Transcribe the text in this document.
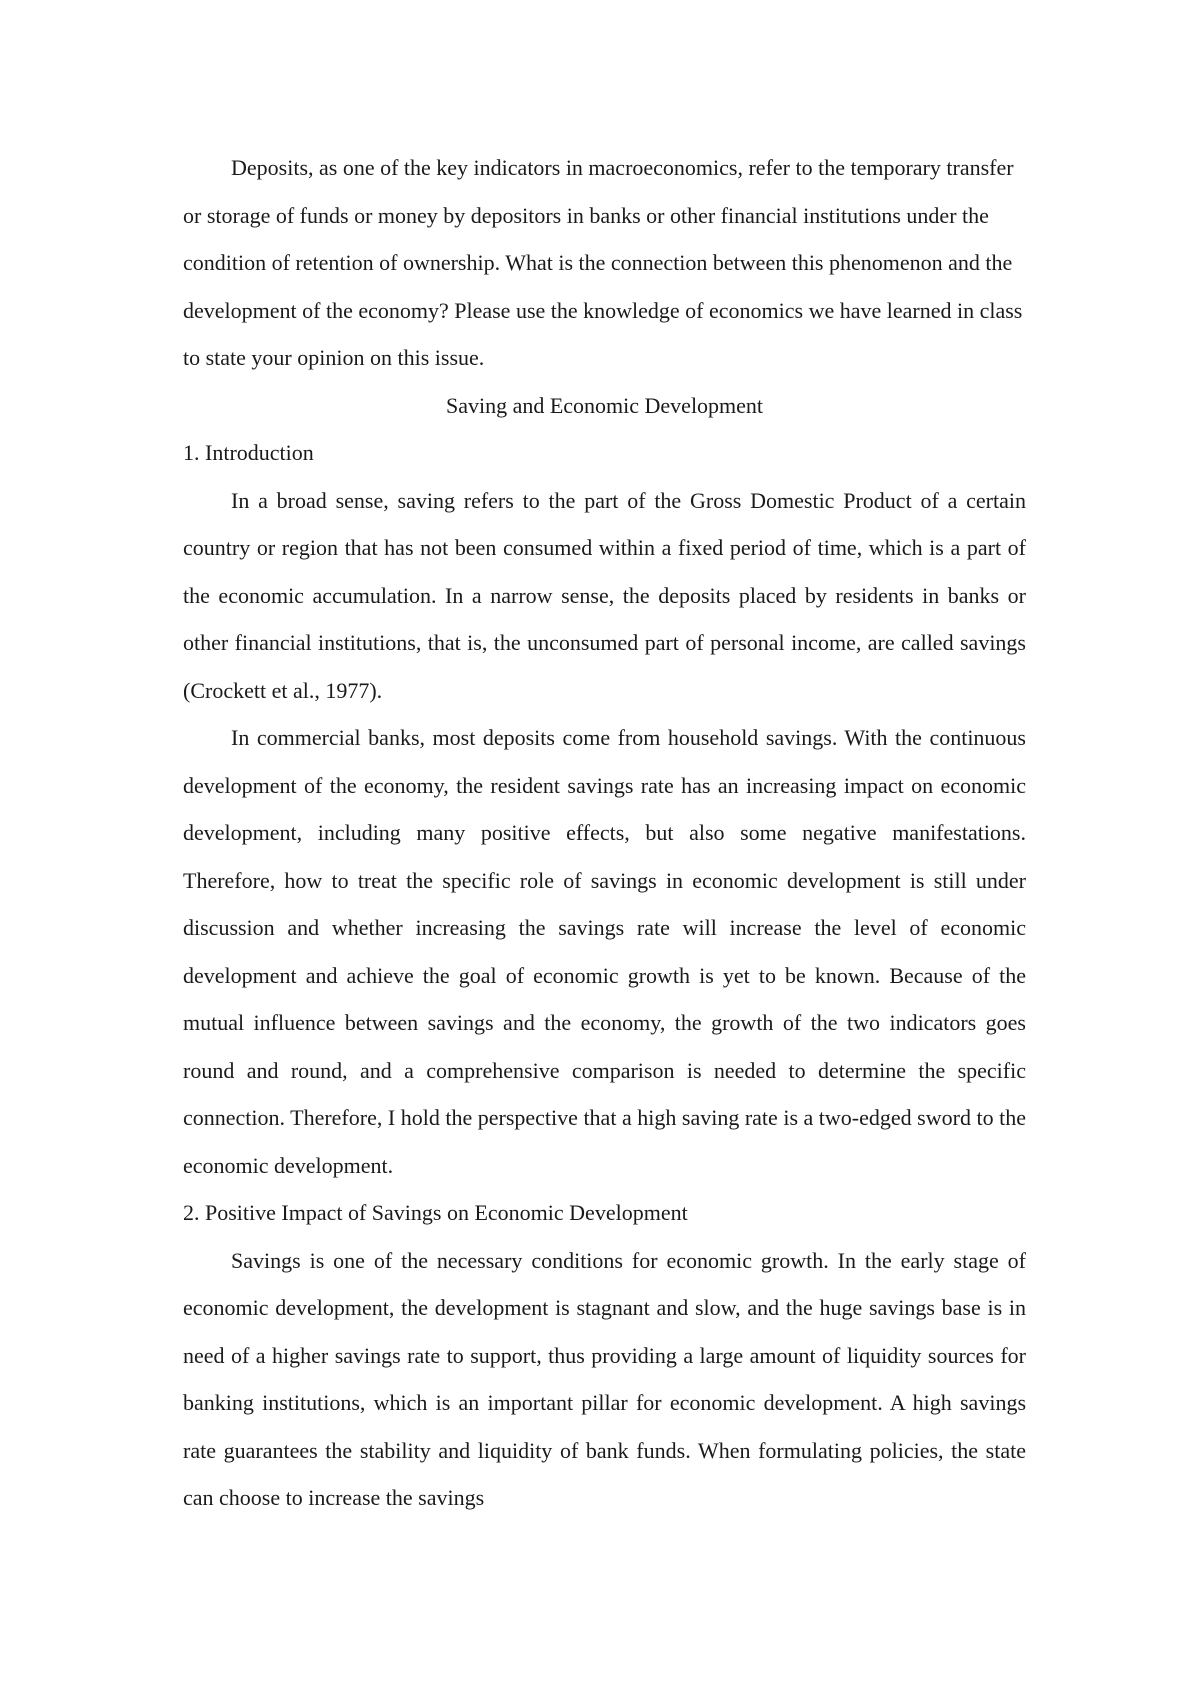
Deposits, as one of the key indicators in macroeconomics, refer to the temporary transfer or storage of funds or money by depositors in banks or other financial institutions under the condition of retention of ownership. What is the connection between this phenomenon and the development of the economy? Please use the knowledge of economics we have learned in class to state your opinion on this issue.

Saving and Economic Development

1. Introduction

In a broad sense, saving refers to the part of the Gross Domestic Product of a certain country or region that has not been consumed within a fixed period of time, which is a part of the economic accumulation. In a narrow sense, the deposits placed by residents in banks or other financial institutions, that is, the unconsumed part of personal income, are called savings (Crockett et al., 1977).

In commercial banks, most deposits come from household savings. With the continuous development of the economy, the resident savings rate has an increasing impact on economic development, including many positive effects, but also some negative manifestations. Therefore, how to treat the specific role of savings in economic development is still under discussion and whether increasing the savings rate will increase the level of economic development and achieve the goal of economic growth is yet to be known. Because of the mutual influence between savings and the economy, the growth of the two indicators goes round and round, and a comprehensive comparison is needed to determine the specific connection. Therefore, I hold the perspective that a high saving rate is a two-edged sword to the economic development.

2. Positive Impact of Savings on Economic Development

Savings is one of the necessary conditions for economic growth. In the early stage of economic development, the development is stagnant and slow, and the huge savings base is in need of a higher savings rate to support, thus providing a large amount of liquidity sources for banking institutions, which is an important pillar for economic development. A high savings rate guarantees the stability and liquidity of bank funds. When formulating policies, the state can choose to increase the savings
